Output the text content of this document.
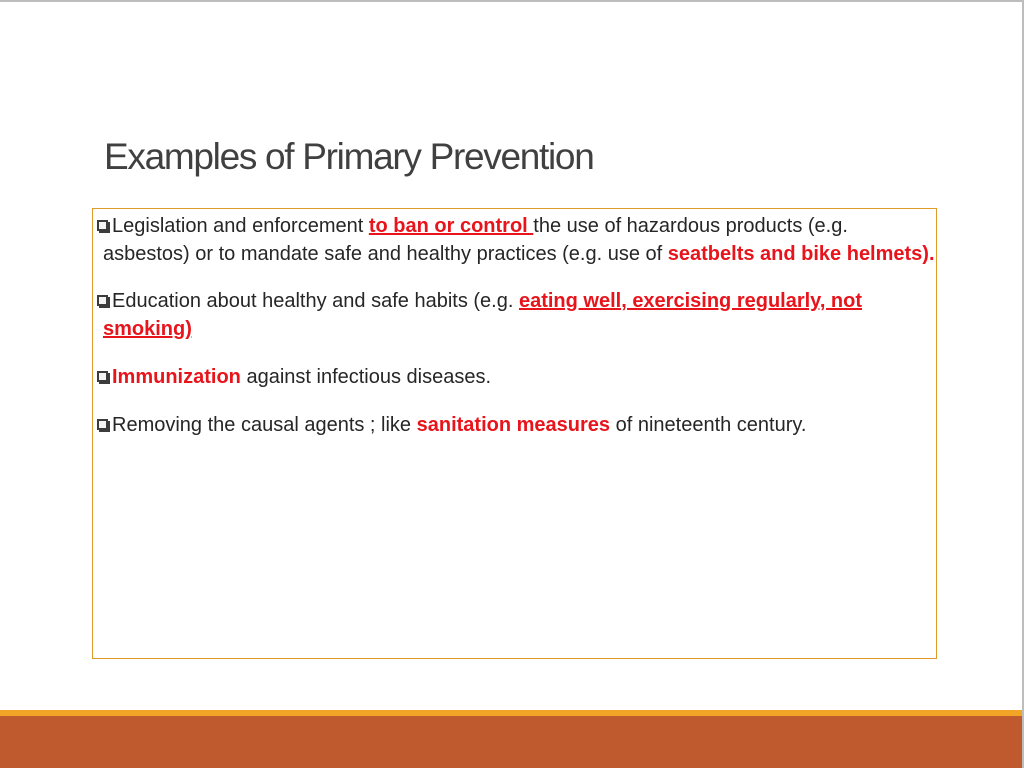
Examples of Primary Prevention
Legislation and enforcement to ban or control the use of hazardous products (e.g. asbestos) or to mandate safe and healthy practices (e.g. use of seatbelts and bike helmets).
Education about healthy and safe habits (e.g. eating well, exercising regularly, not smoking)
Immunization against infectious diseases.
Removing the causal agents ; like sanitation measures of nineteenth century.
